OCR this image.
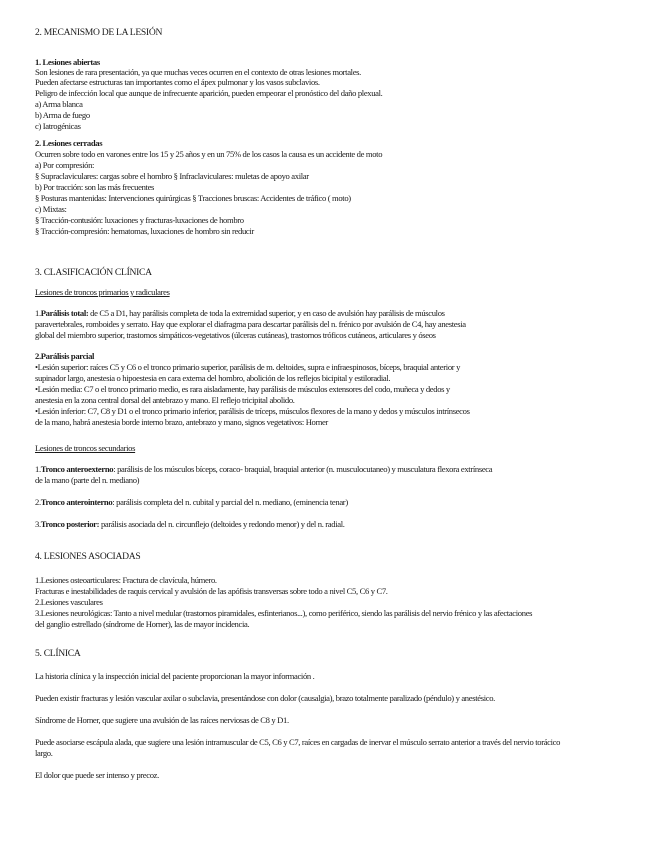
2. MECANISMO DE LA LESIÓN
1. Lesiones abiertas
Son lesiones de rara presentación, ya que muchas veces ocurren en el contexto de otras lesiones mortales.
Pueden afectarse estructuras tan importantes como el ápex pulmonar y los vasos subclavios.
Peligro de infección local que aunque de infrecuente aparición, pueden empeorar el pronóstico del daño plexual.
a) Arma blanca
b) Arma de fuego
c) Iatrogénicas
2. Lesiones cerradas
Ocurren sobre todo en varones entre los 15 y 25 años y en un 75% de los casos la causa es un accidente de moto
a) Por compresión:
§ Supraclaviculares: cargas sobre el hombro § Infraclaviculares: muletas de apoyo axilar
b) Por tracción: son las más frecuentes
§ Posturas mantenidas: Intervenciones quirúrgicas § Tracciones bruscas: Accidentes de tráfico ( moto)
c) Mixtas:
§ Tracción-contusión: luxaciones y fracturas-luxaciones de hombro
§ Tracción-compresión: hematomas, luxaciones de hombro sin reducir
3. CLASIFICACIÓN CLÍNICA
Lesiones de troncos primarios y radiculares
1.Parálisis total: de C5 a D1, hay parálisis completa de toda la extremidad superior, y en caso de avulsión hay parálisis de músculos
paravertebrales, romboides y serrato. Hay que explorar el diafragma para descartar parálisis del n. frénico por avulsión de C4, hay anestesia
global del miembro superior, trastornos simpáticos-vegetativos (úlceras cutáneas), trastornos tróficos cutáneos, articulares y óseos
2.Parálisis parcial
•Lesión superior: raíces C5 y C6 o el tronco primario superior, parálisis de m. deltoides, supra e infraespinosos, bíceps, braquial anterior y
supinador largo, anestesia o hipoestesia en cara externa del hombro, abolición de los reflejos bicipital y estiloradial.
•Lesión media: C7 o el tronco primario medio, es rara aisladamente, hay parálisis de músculos extensores del codo, muñeca y dedos y
anestesia en la zona central dorsal del antebrazo y mano. El reflejo tricipital abolido.
•Lesión inferior: C7, C8 y D1 o el tronco primario inferior, parálisis de tríceps, músculos flexores de la mano y dedos y músculos intrínsecos
de la mano, habrá anestesia borde interno brazo, antebrazo y mano, signos vegetativos: Horner
Lesiones de troncos secundarios
1.Tronco anteroexterno: parálisis de los músculos bíceps, coraco- braquial, braquial anterior (n. musculocutaneo) y musculatura flexora extrínseca
de la mano (parte del n. mediano)
2.Tronco anterointerno: parálisis completa del n. cubital y parcial del n. mediano, (eminencia tenar)
3.Tronco posterior: parálisis asociada del n. circunflejo (deltoides y redondo menor) y del n. radial.
4. LESIONES ASOCIADAS
1.Lesiones osteoarticulares: Fractura de clavícula, húmero.
Fracturas e inestabilidades de raquis cervical y avulsión de las apófisis transversas sobre todo a nivel C5, C6 y C7.
2.Lesiones vasculares
3.Lesiones neurológicas: Tanto a nivel medular (trastornos piramidales, esfinterianos...), como periférico, siendo las parálisis del nervio frénico y las afectaciones
del ganglio estrellado (síndrome de Horner), las de mayor incidencia.
5. CLÍNICA
La historia clínica y la inspección inicial del paciente proporcionan la mayor información .
Pueden existir fracturas y lesión vascular axilar o subclavia, presentándose con dolor (causalgia), brazo totalmente paralizado (péndulo) y anestésico.
Síndrome de Horner, que sugiere una avulsión de las raíces nerviosas de C8 y D1.
Puede asociarse escápula alada, que sugiere una lesión intramuscular de C5, C6 y C7, raíces en cargadas de inervar el músculo serrato anterior a través del nervio torácico
largo.
El dolor que puede ser intenso y precoz.
